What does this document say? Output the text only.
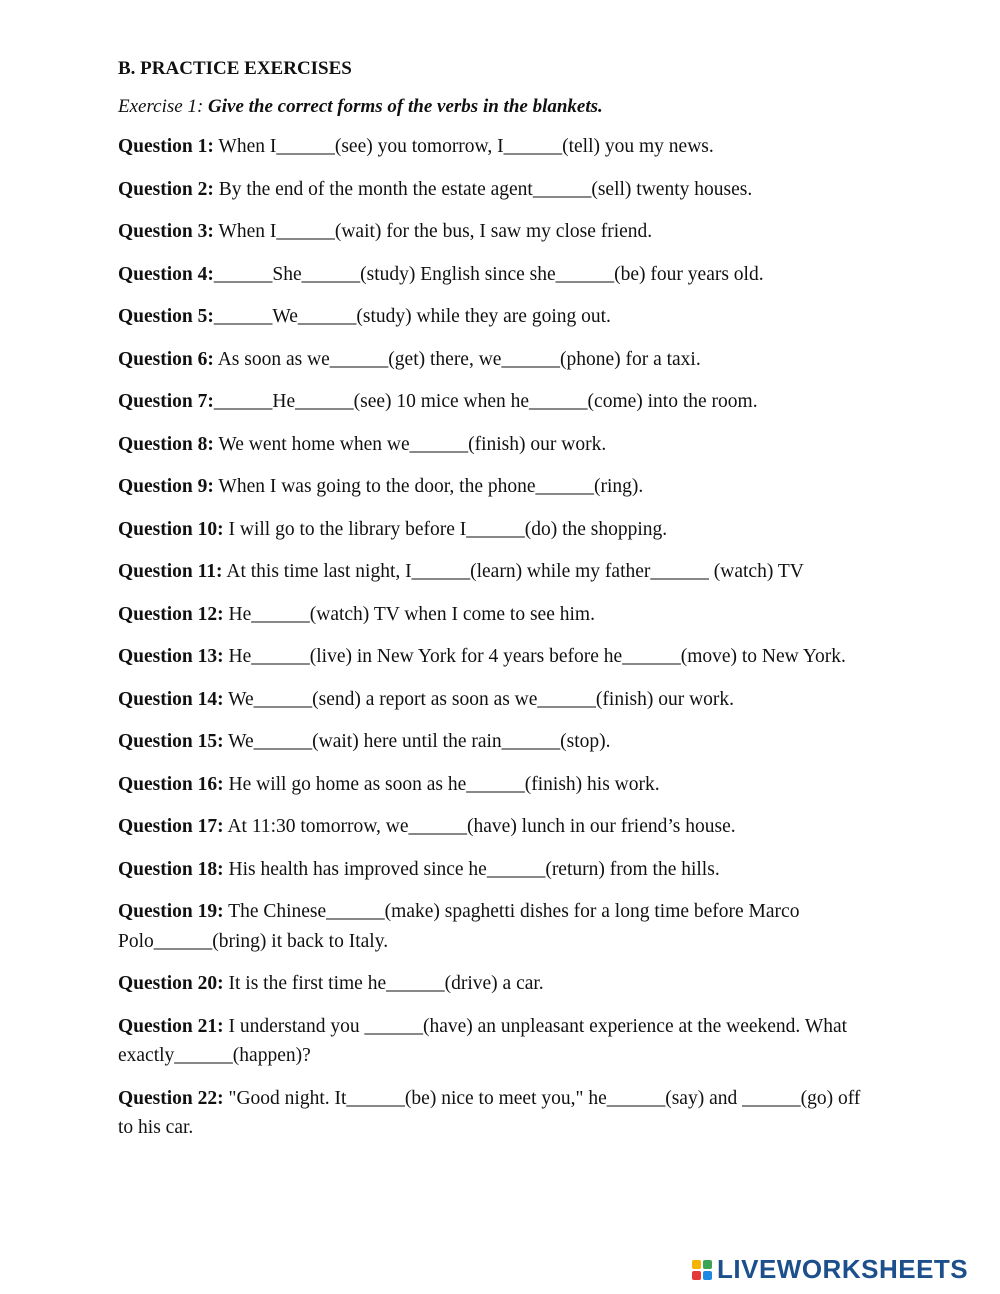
B. PRACTICE EXERCISES
Exercise 1: Give the correct forms of the verbs in the blankets.
Question 1: When I______(see) you tomorrow, I______(tell) you my news.
Question 2: By the end of the month the estate agent______(sell) twenty houses.
Question 3: When I______(wait) for the bus, I saw my close friend.
Question 4:______She______(study) English since she______(be) four years old.
Question 5:______We______(study) while they are going out.
Question 6: As soon as we______(get) there, we______(phone) for a taxi.
Question 7:______He______(see) 10 mice when he______(come) into the room.
Question 8: We went home when we______(finish) our work.
Question 9: When I was going to the door, the phone______(ring).
Question 10: I will go to the library before I______(do) the shopping.
Question 11: At this time last night, I______(learn) while my father______ (watch) TV
Question 12: He______(watch) TV when I come to see him.
Question 13: He______(live) in New York for 4 years before he______(move) to New York.
Question 14: We______(send) a report as soon as we______(finish) our work.
Question 15: We______(wait) here until the rain______(stop).
Question 16: He will go home as soon as he______(finish) his work.
Question 17: At 11:30 tomorrow, we______(have) lunch in our friend’s house.
Question 18: His health has improved since he______(return) from the hills.
Question 19: The Chinese______(make) spaghetti dishes for a long time before Marco Polo______(bring) it back to Italy.
Question 20: It is the first time he______(drive) a car.
Question 21: I understand you ______(have) an unpleasant experience at the weekend. What exactly______(happen)?
Question 22: "Good night. It______(be) nice to meet you," he______(say) and ______(go) off to his car.
LIVEWORKSHEETS
